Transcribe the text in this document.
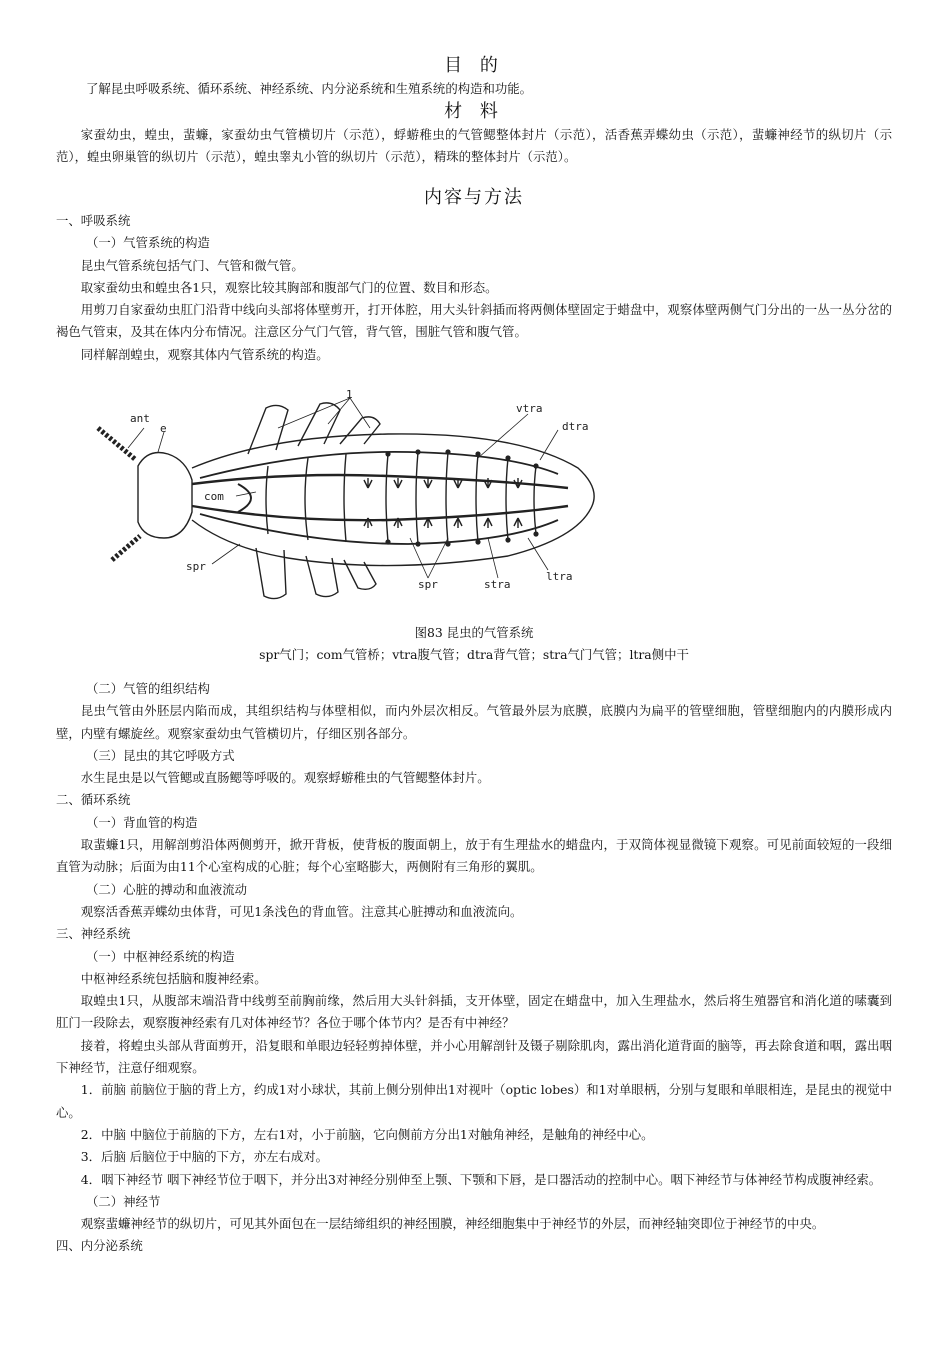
目 的

了解昆虫呼吸系统、循环系统、神经系统、内分泌系统和生殖系统的构造和功能。

材 料

家蚕幼虫，蝗虫，蜚蠊，家蚕幼虫气管横切片（示范），蜉蝣稚虫的气管鳃整体封片（示范），活香蕉弄蝶幼虫（示范），蜚蠊神经节的纵切片（示范），蝗虫卵巢管的纵切片（示范），蝗虫睾丸小管的纵切片（示范），精珠的整体封片（示范）。

内容与方法

一、呼吸系统

（一）气管系统的构造

昆虫气管系统包括气门、气管和微气管。

取家蚕幼虫和蝗虫各1只，观察比较其胸部和腹部气门的位置、数目和形态。

用剪刀自家蚕幼虫肛门沿背中线向头部将体壁剪开，打开体腔，用大头针斜插而将两侧体壁固定于蜡盘中，观察体壁两侧气门分出的一丛一丛分岔的褐色气管束，及其在体内分布情况。注意区分气门气管，背气管，围脏气管和腹气管。

同样解剖蝗虫，观察其体内气管系统的构造。

ant
e
1
vtra
dtra
com
spr
spr	stra
ltra

图83 昆虫的气管系统

spr气门；com气管桥；vtra腹气管；dtra背气管；stra气门气管；ltra侧中干

（二）气管的组织结构

昆虫气管由外胚层内陷而成，其组织结构与体壁相似，而内外层次相反。气管最外层为底膜，底膜内为扁平的管壁细胞，管壁细胞内的内膜形成内壁，内壁有螺旋丝。观察家蚕幼虫气管横切片，仔细区别各部分。

（三）昆虫的其它呼吸方式

水生昆虫是以气管鳃或直肠鳃等呼吸的。观察蜉蝣稚虫的气管鳃整体封片。

二、循环系统

（一）背血管的构造

取蜚蠊1只，用解剖剪沿体两侧剪开，掀开背板，使背板的腹面朝上，放于有生理盐水的蜡盘内，于双筒体视显微镜下观察。可见前面较短的一段细直管为动脉；后面为由11个心室构成的心脏；每个心室略膨大，两侧附有三角形的翼肌。

（二）心脏的搏动和血液流动

观察活香蕉弄蝶幼虫体背，可见1条浅色的背血管。注意其心脏搏动和血液流向。

三、神经系统

（一）中枢神经系统的构造

中枢神经系统包括脑和腹神经索。

取蝗虫1只，从腹部末端沿背中线剪至前胸前缘，然后用大头针斜插，支开体壁，固定在蜡盘中，加入生理盐水，然后将生殖器官和消化道的嗉囊到肛门一段除去，观察腹神经索有几对体神经节？各位于哪个体节内？是否有中神经？

接着，将蝗虫头部从背面剪开，沿复眼和单眼边轻轻剪掉体壁，并小心用解剖针及镊子剔除肌肉，露出消化道背面的脑等，再去除食道和咽，露出咽下神经节，注意仔细观察。

1．前脑 前脑位于脑的背上方，约成1对小球状，其前上侧分别伸出1对视叶（optic lobes）和1对单眼柄，分别与复眼和单眼相连，是昆虫的视觉中心。

2．中脑 中脑位于前脑的下方，左右1对，小于前脑，它向侧前方分出1对触角神经，是触角的神经中心。

3．后脑 后脑位于中脑的下方，亦左右成对。

4．咽下神经节 咽下神经节位于咽下，并分出3对神经分别伸至上颚、下颚和下唇，是口器活动的控制中心。咽下神经节与体神经节构成腹神经索。

（二）神经节

观察蜚蠊神经节的纵切片，可见其外面包在一层结缔组织的神经围膜，神经细胞集中于神经节的外层，而神经轴突即位于神经节的中央。

四、内分泌系统
